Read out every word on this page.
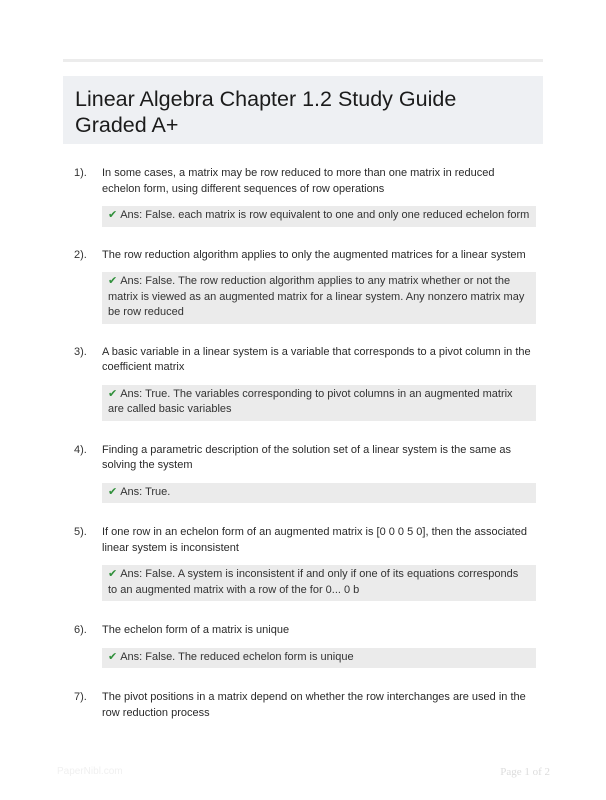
Linear Algebra Chapter 1.2 Study Guide Graded A+
1). In some cases, a matrix may be row reduced to more than one matrix in reduced echelon form, using different sequences of row operations
✔ Ans: False. each matrix is row equivalent to one and only one reduced echelon form
2). The row reduction algorithm applies to only the augmented matrices for a linear system
✔ Ans: False. The row reduction algorithm applies to any matrix whether or not the matrix is viewed as an augmented matrix for a linear system. Any nonzero matrix may be row reduced
3). A basic variable in a linear system is a variable that corresponds to a pivot column in the coefficient matrix
✔ Ans: True. The variables corresponding to pivot columns in an augmented matrix are called basic variables
4). Finding a parametric description of the solution set of a linear system is the same as solving the system
✔ Ans: True.
5). If one row in an echelon form of an augmented matrix is [0 0 0 5 0], then the associated linear system is inconsistent
✔ Ans: False. A system is inconsistent if and only if one of its equations corresponds to an augmented matrix with a row of the for 0... 0 b
6). The echelon form of a matrix is unique
✔ Ans: False. The reduced echelon form is unique
7). The pivot positions in a matrix depend on whether the row interchanges are used in the row reduction process
PaperNibl.com	Page 1 of 2
